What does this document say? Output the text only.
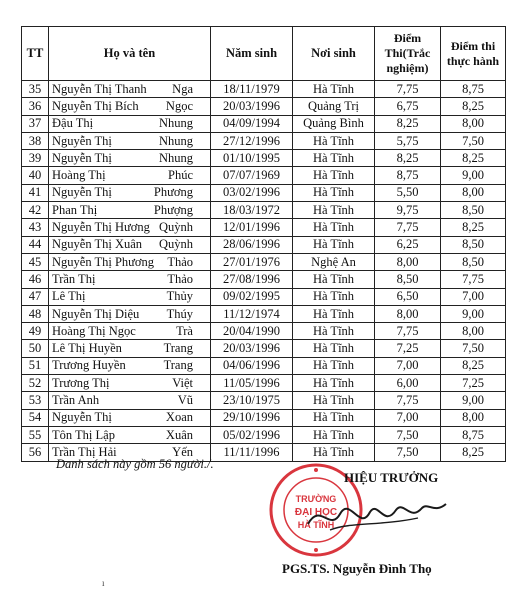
TT	Họ và tên	Năm sinh	Nơi sinh	Điểm Thi(Trắc nghiệm)	Điểm thi thực hành
35	Nguyễn Thị Thanh Nga	18/11/1979	Hà Tĩnh	7,75	8,75
36	Nguyễn Thị Bích Ngọc	20/03/1996	Quảng Trị	6,75	8,25
37	Đậu Thị Nhung	04/09/1994	Quảng Bình	8,25	8,00
38	Nguyễn Thị Nhung	27/12/1996	Hà Tĩnh	5,75	7,50
39	Nguyễn Thị Nhung	01/10/1995	Hà Tĩnh	8,25	8,25
40	Hoàng Thị Phúc	07/07/1969	Hà Tĩnh	8,75	9,00
41	Nguyễn Thị Phương	03/02/1996	Hà Tĩnh	5,50	8,00
42	Phan Thị Phượng	18/03/1972	Hà Tĩnh	9,75	8,50
43	Nguyễn Thị Hương Quỳnh	12/01/1996	Hà Tĩnh	7,75	8,25
44	Nguyễn Thị Xuân Quỳnh	28/06/1996	Hà Tĩnh	6,25	8,50
45	Nguyễn Thị Phương Thảo	27/01/1976	Nghệ An	8,00	8,50
46	Trần Thị Thảo	27/08/1996	Hà Tĩnh	8,50	7,75
47	Lê Thị Thủy	09/02/1995	Hà Tĩnh	6,50	7,00
48	Nguyễn Thị Diệu Thúy	11/12/1974	Hà Tĩnh	8,00	9,00
49	Hoàng Thị Ngọc Trà	20/04/1990	Hà Tĩnh	7,75	8,00
50	Lê Thị Huyền Trang	20/03/1996	Hà Tĩnh	7,25	7,50
51	Trương Huyền Trang	04/06/1996	Hà Tĩnh	7,00	8,25
52	Trương Thị Việt	11/05/1996	Hà Tĩnh	6,00	7,25
53	Trần Anh Vũ	23/10/1975	Hà Tĩnh	7,75	9,00
54	Nguyễn Thị Xoan	29/10/1996	Hà Tĩnh	7,00	8,00
55	Tôn Thị Lập Xuân	05/02/1996	Hà Tĩnh	7,50	8,75
56	Trần Thị Hải Yến	11/11/1996	Hà Tĩnh	7,50	8,25
Danh sách này gồm 56 người./.
TRƯỜNG
ĐẠI HỌC
HÀ TĨNH
HIỆU TRƯỞNG
PGS.TS. Nguyễn Đình Thọ
ı
